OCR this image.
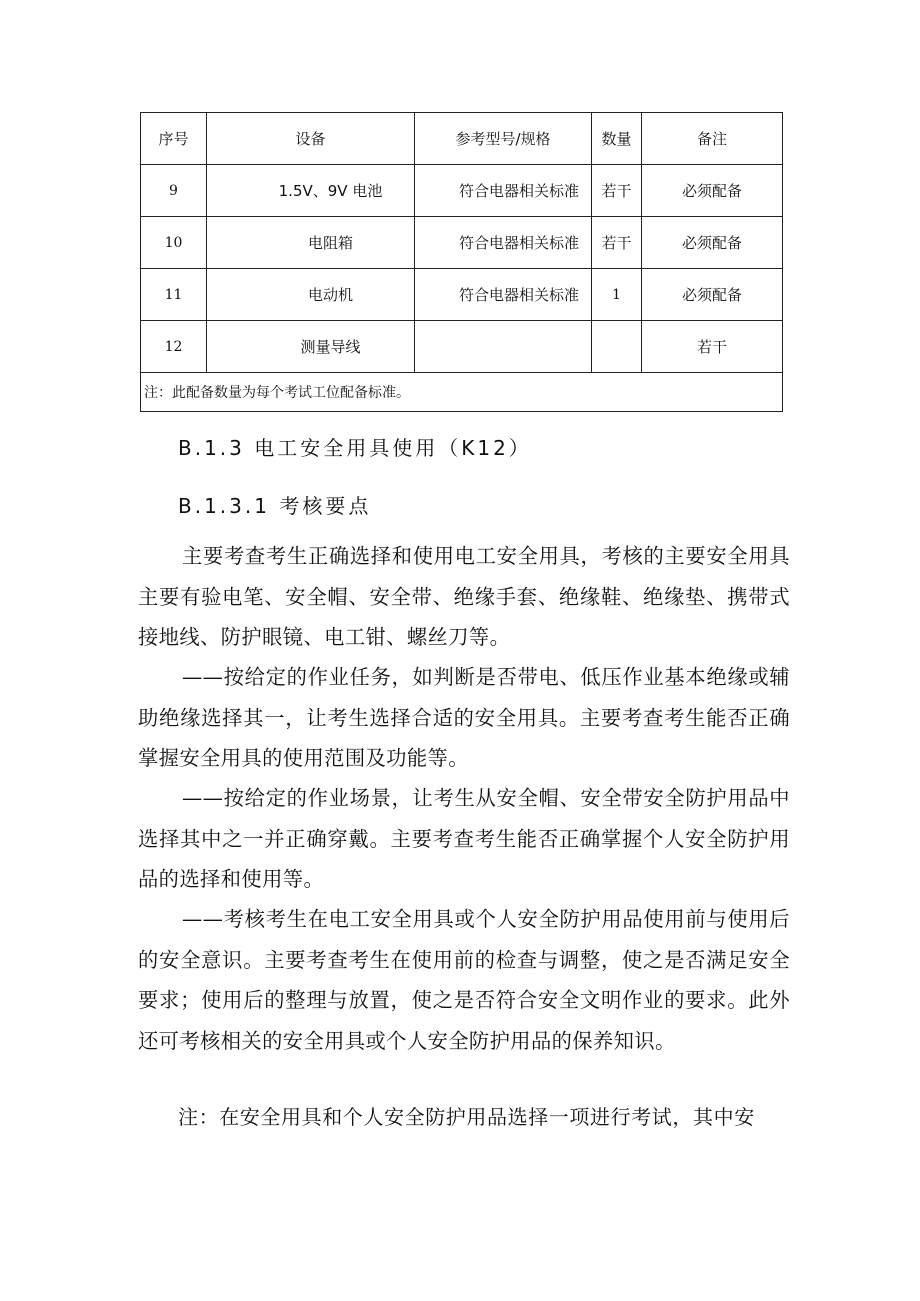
序号	设备	参考型号/规格	数量	备注
9	1.5V、9V 电池	符合电器相关标准	若干	必须配备
10	电阻箱	符合电器相关标准	若干	必须配备
11	电动机	符合电器相关标准	1	必须配备
12	测量导线			若干
注：此配备数量为每个考试工位配备标准。				
B.1.3 电工安全用具使用（K12）
B.1.3.1 考核要点

主要考查考生正确选择和使用电工安全用具，考核的主要安全用具主要有验电笔、安全帽、安全带、绝缘手套、绝缘鞋、绝缘垫、携带式接地线、防护眼镜、电工钳、螺丝刀等。

——按给定的作业任务，如判断是否带电、低压作业基本绝缘或辅助绝缘选择其一，让考生选择合适的安全用具。主要考查考生能否正确掌握安全用具的使用范围及功能等。

——按给定的作业场景，让考生从安全帽、安全带安全防护用品中选择其中之一并正确穿戴。主要考查考生能否正确掌握个人安全防护用品的选择和使用等。

——考核考生在电工安全用具或个人安全防护用品使用前与使用后的安全意识。主要考查考生在使用前的检查与调整，使之是否满足安全要求；使用后的整理与放置，使之是否符合安全文明作业的要求。此外还可考核相关的安全用具或个人安全防护用品的保养知识。

注：在安全用具和个人安全防护用品选择一项进行考试，其中安
